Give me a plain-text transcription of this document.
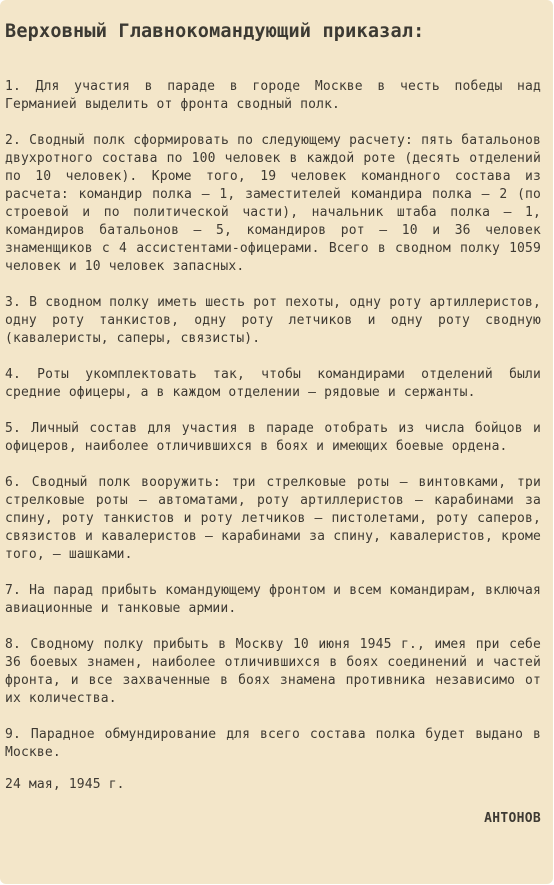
Верховный Главнокомандующий приказал:

1. Для участия в параде в городе Москве в честь победы над Германией выделить от фронта сводный полк.

2. Сводный полк сформировать по следующему расчету: пять батальонов двухротного состава по 100 человек в каждой роте (десять отделений по 10 человек). Кроме того, 19 человек командного состава из расчета: командир полка – 1, заместителей командира полка – 2 (по строевой и по политической части), начальник штаба полка – 1, командиров батальонов – 5, командиров рот – 10 и 36 человек знаменщиков с 4 ассистентами-офицерами. Всего в сводном полку 1059 человек и 10 человек запасных.

3. В сводном полку иметь шесть рот пехоты, одну роту артиллеристов, одну роту танкистов, одну роту летчиков и одну роту сводную (кавалеристы, саперы, связисты).

4. Роты укомплектовать так, чтобы командирами отделений были средние офицеры, а в каждом отделении – рядовые и сержанты.

5. Личный состав для участия в параде отобрать из числа бойцов и офицеров, наиболее отличившихся в боях и имеющих боевые ордена.

6. Сводный полк вооружить: три стрелковые роты – винтовками, три стрелковые роты – автоматами, роту артиллеристов – карабинами за спину, роту танкистов и роту летчиков – пистолетами, роту саперов, связистов и кавалеристов – карабинами за спину, кавалеристов, кроме того, – шашками.

7. На парад прибыть командующему фронтом и всем командирам, включая авиационные и танковые армии.

8. Сводному полку прибыть в Москву 10 июня 1945 г., имея при себе 36 боевых знамен, наиболее отличившихся в боях соединений и частей фронта, и все захваченные в боях знамена противника независимо от их количества.

9. Парадное обмундирование для всего состава полка будет выдано в Москве.

24 мая, 1945 г.

АНТОНОВ
